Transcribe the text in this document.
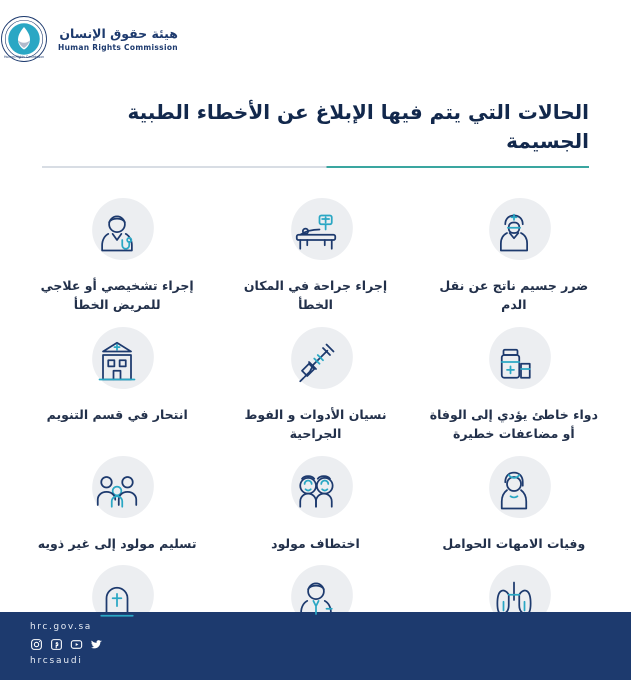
Human Rights Commission
هيئة حقوق الإنسان
Human Rights Commission
الحالات التي يتم فيها الإبلاغ عن الأخطاء الطبية الجسيمة
ضرر جسيم ناتج عن نقل الدم
إجراء جراحة في المكان الخطأ
إجراء تشخيصي أو علاجي للمريض الخطأ
دواء خاطئ يؤدي إلى الوفاة أو مضاعفات خطيرة
نسيان الأدوات و الفوط الجراحية
انتحار في قسم التنويم
وفيات الامهات الحوامل
اختطاف مولود
تسليم مولود إلى غير ذويه
hrc.gov.sa
hrcsaudi
